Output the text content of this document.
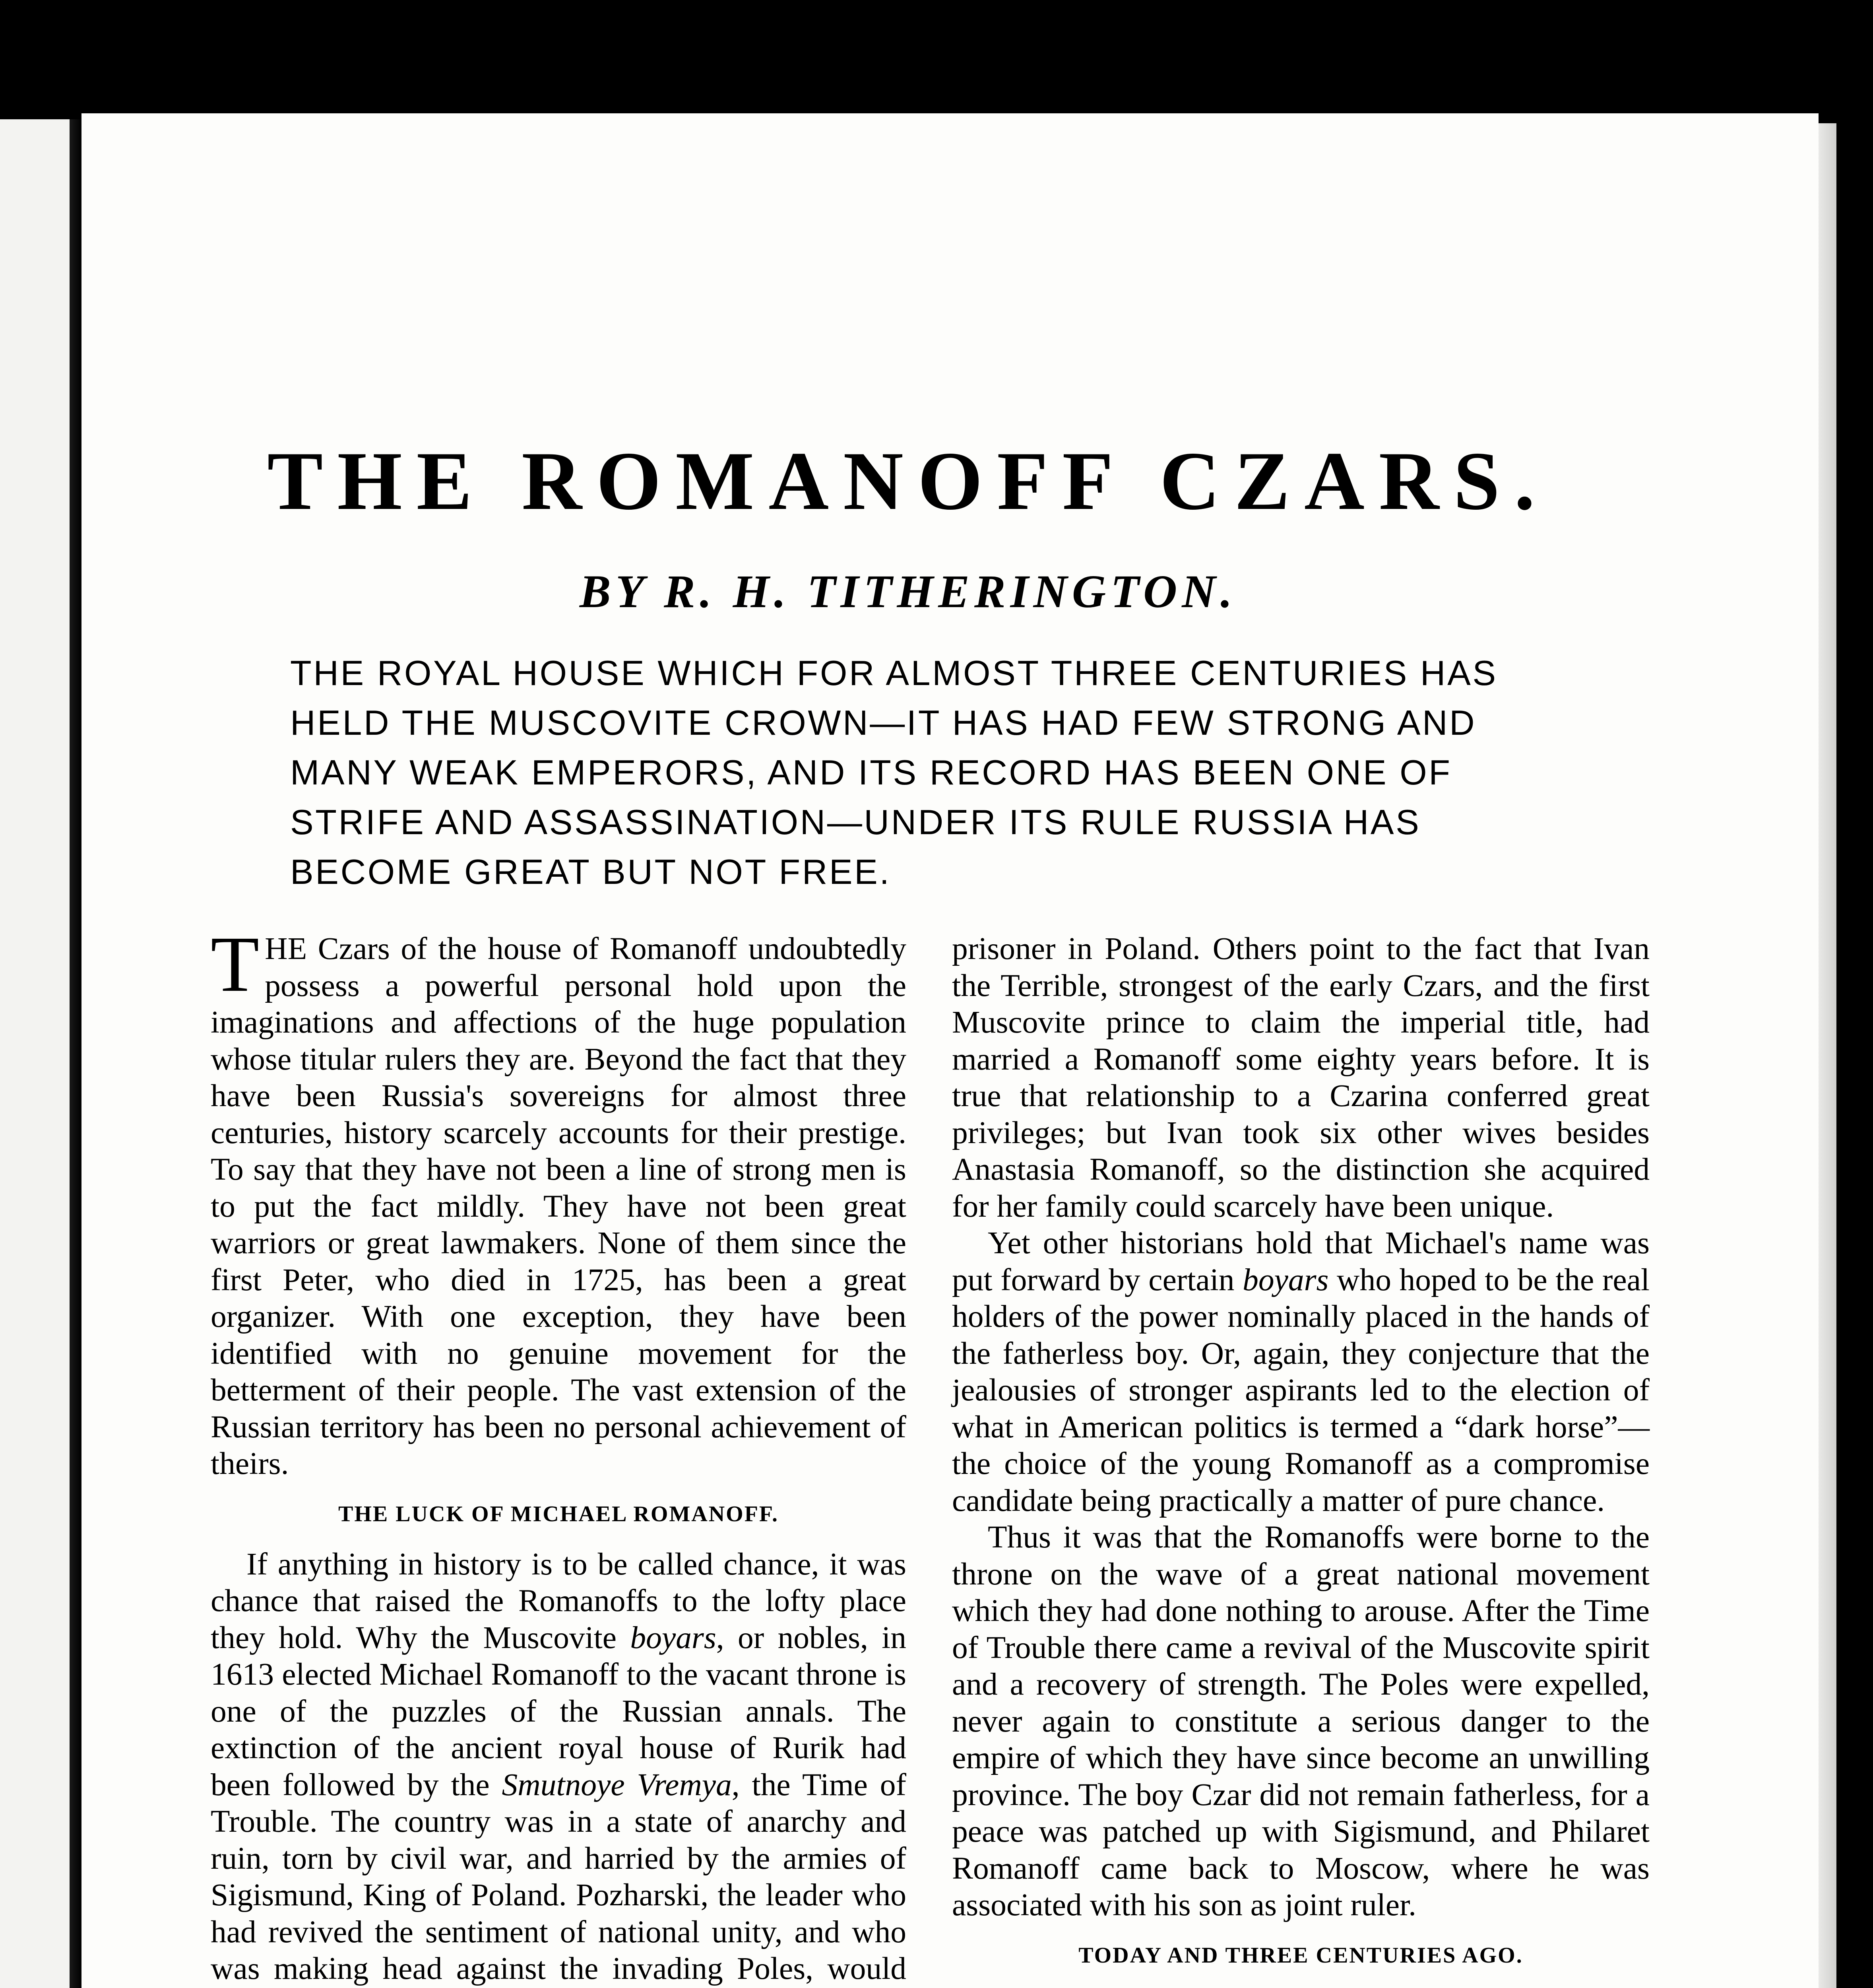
THE ROMANOFF CZARS.
BY R. H. TITHERINGTON.

THE ROYAL HOUSE WHICH FOR ALMOST THREE CENTURIES HAS HELD THE MUSCOVITE CROWN—IT HAS HAD FEW STRONG AND MANY WEAK EMPERORS, AND ITS RECORD HAS BEEN ONE OF STRIFE AND ASSASSINATION—UNDER ITS RULE RUSSIA HAS BECOME GREAT BUT NOT FREE.

THE Czars of the house of Romanoff undoubtedly possess a powerful personal hold upon the imaginations and affections of the huge population whose titular rulers they are. Beyond the fact that they have been Russia's sovereigns for almost three centuries, history scarcely accounts for their prestige. To say that they have not been a line of strong men is to put the fact mildly. They have not been great warriors or great lawmakers. None of them since the first Peter, who died in 1725, has been a great organizer. With one exception, they have been identified with no genuine movement for the betterment of their people. The vast extension of the Russian territory has been no personal achievement of theirs.

THE LUCK OF MICHAEL ROMANOFF.

If anything in history is to be called chance, it was chance that raised the Romanoffs to the lofty place they hold. Why the Muscovite boyars, or nobles, in 1613 elected Michael Romanoff to the vacant throne is one of the puzzles of the Russian annals. The extinction of the ancient royal house of Rurik had been followed by the Smutnoye Vremya, the Time of Trouble. The country was in a state of anarchy and ruin, torn by civil war, and harried by the armies of Sigismund, King of Poland. Pozharski, the leader who had revived the sentiment of national unity, and who was making head against the invading Poles, would

prisoner in Poland. Others point to the fact that Ivan the Terrible, strongest of the early Czars, and the first Muscovite prince to claim the imperial title, had married a Romanoff some eighty years before. It is true that relationship to a Czarina conferred great privileges; but Ivan took six other wives besides Anastasia Romanoff, so the distinction she acquired for her family could scarcely have been unique.

Yet other historians hold that Michael's name was put forward by certain boyars who hoped to be the real holders of the power nominally placed in the hands of the fatherless boy. Or, again, they conjecture that the jealousies of stronger aspirants led to the election of what in American politics is termed a “dark horse”—the choice of the young Romanoff as a compromise candidate being practically a matter of pure chance.

Thus it was that the Romanoffs were borne to the throne on the wave of a great national movement which they had done nothing to arouse. After the Time of Trouble there came a revival of the Muscovite spirit and a recovery of strength. The Poles were expelled, never again to constitute a serious danger to the empire of which they have since become an unwilling province. The boy Czar did not remain fatherless, for a peace was patched up with Sigismund, and Philaret Romanoff came back to Moscow, where he was associated with his son as joint ruler.

TODAY AND THREE CENTURIES AGO.
